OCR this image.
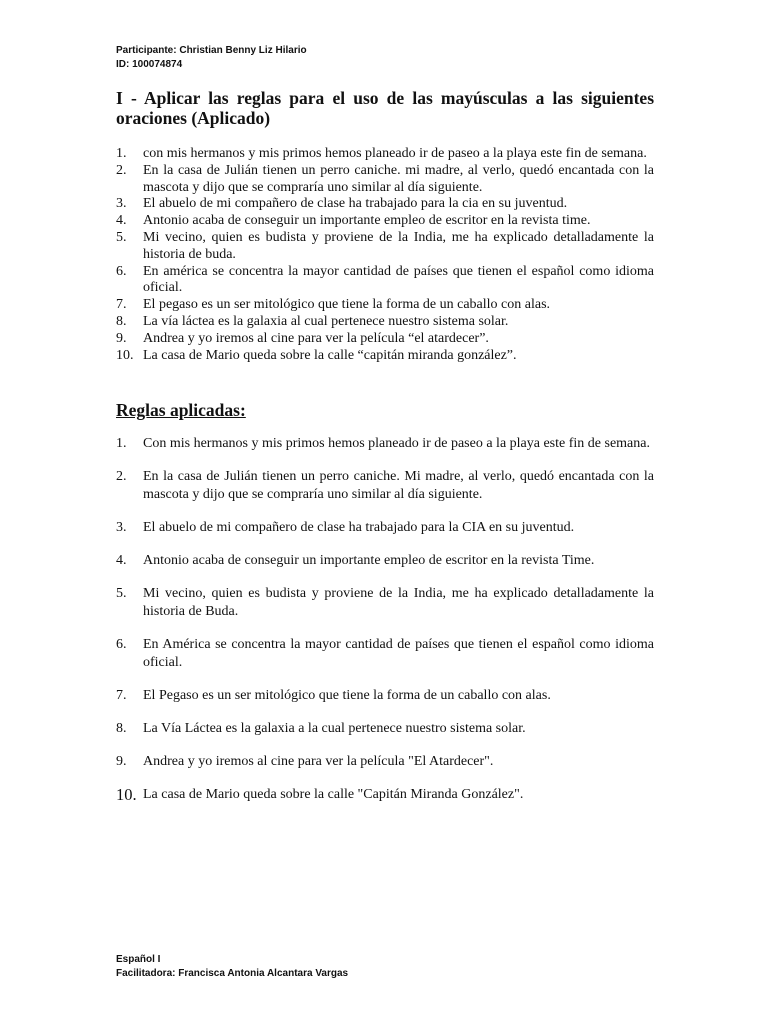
Participante: Christian Benny Liz Hilario
ID: 100074874
I - Aplicar las reglas para el uso de las mayúsculas a las siguientes oraciones (Aplicado)
1. con mis hermanos y mis primos hemos planeado ir de paseo a la playa este fin de semana.
2. En la casa de Julián tienen un perro caniche. mi madre, al verlo, quedó encantada con la mascota y dijo que se compraría uno similar al día siguiente.
3. El abuelo de mi compañero de clase ha trabajado para la cia en su juventud.
4. Antonio acaba de conseguir un importante empleo de escritor en la revista time.
5. Mi vecino, quien es budista y proviene de la India, me ha explicado detalladamente la historia de buda.
6. En américa se concentra la mayor cantidad de países que tienen el español como idioma oficial.
7. El pegaso es un ser mitológico que tiene la forma de un caballo con alas.
8. La vía láctea es la galaxia al cual pertenece nuestro sistema solar.
9. Andrea y yo iremos al cine para ver la película “el atardecer”.
10. La casa de Mario queda sobre la calle “capitán miranda gonzález”.
Reglas aplicadas:
1. Con mis hermanos y mis primos hemos planeado ir de paseo a la playa este fin de semana.
2. En la casa de Julián tienen un perro caniche. Mi madre, al verlo, quedó encantada con la mascota y dijo que se compraría uno similar al día siguiente.
3. El abuelo de mi compañero de clase ha trabajado para la CIA en su juventud.
4. Antonio acaba de conseguir un importante empleo de escritor en la revista Time.
5. Mi vecino, quien es budista y proviene de la India, me ha explicado detalladamente la historia de Buda.
6. En América se concentra la mayor cantidad de países que tienen el español como idioma oficial.
7. El Pegaso es un ser mitológico que tiene la forma de un caballo con alas.
8. La Vía Láctea es la galaxia a la cual pertenece nuestro sistema solar.
9. Andrea y yo iremos al cine para ver la película "El Atardecer".
10. La casa de Mario queda sobre la calle "Capitán Miranda González".
Español I
Facilitadora: Francisca Antonia Alcantara Vargas
